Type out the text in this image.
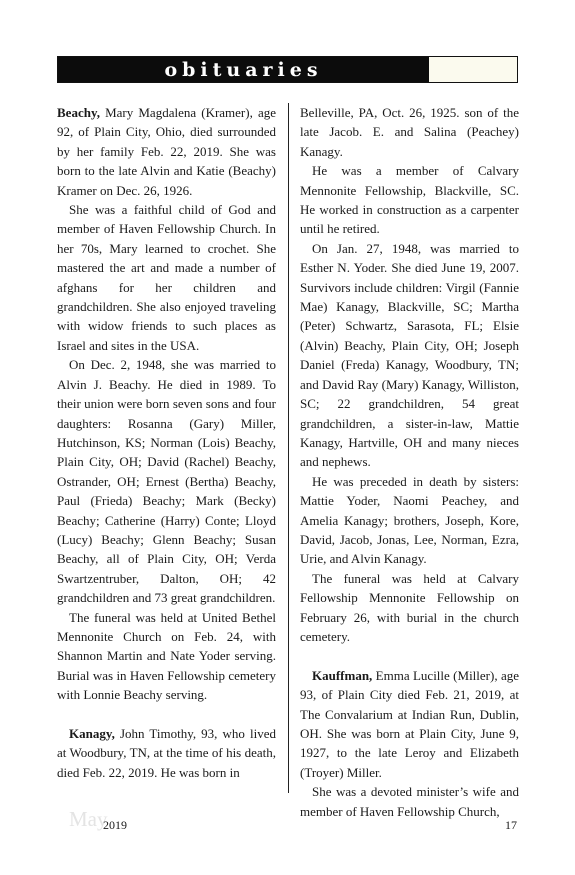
obituaries

Beachy, Mary Magdalena (Kramer), age 92, of Plain City, Ohio, died surrounded by her family Feb. 22, 2019. She was born to the late Alvin and Katie (Beachy) Kramer on Dec. 26, 1926.

She was a faithful child of God and member of Haven Fellowship Church. In her 70s, Mary learned to crochet. She mastered the art and made a number of afghans for her children and grandchildren. She also enjoyed traveling with widow friends to such places as Israel and sites in the USA.

On Dec. 2, 1948, she was married to Alvin J. Beachy. He died in 1989. To their union were born seven sons and four daughters: Rosanna (Gary) Miller, Hutchinson, KS; Norman (Lois) Beachy, Plain City, OH; David (Rachel) Beachy, Ostrander, OH; Ernest (Bertha) Beachy, Paul (Frieda) Beachy; Mark (Becky) Beachy; Catherine (Harry) Conte; Lloyd (Lucy) Beachy; Glenn Beachy; Susan Beachy, all of Plain City, OH; Verda Swartzentruber, Dalton, OH; 42 grandchildren and 73 great grandchildren.

The funeral was held at United Bethel Mennonite Church on Feb. 24, with Shannon Martin and Nate Yoder serving. Burial was in Haven Fellowship cemetery with Lonnie Beachy serving.

Kanagy, John Timothy, 93, who lived at Woodbury, TN, at the time of his death, died Feb. 22, 2019. He was born in

Belleville, PA, Oct. 26, 1925. son of the late Jacob. E. and Salina (Peachey) Kanagy.

He was a member of Calvary Mennonite Fellowship, Blackville, SC. He worked in construction as a carpenter until he retired.

On Jan. 27, 1948, was married to Esther N. Yoder. She died June 19, 2007. Survivors include children: Virgil (Fannie Mae) Kanagy, Blackville, SC; Martha (Peter) Schwartz, Sarasota, FL; Elsie (Alvin) Beachy, Plain City, OH; Joseph Daniel (Freda) Kanagy, Woodbury, TN; and David Ray (Mary) Kanagy, Williston, SC; 22 grandchildren, 54 great grandchildren, a sister-in-law, Mattie Kanagy, Hartville, OH and many nieces and nephews.

He was preceded in death by sisters: Mattie Yoder, Naomi Peachey, and Amelia Kanagy; brothers, Joseph, Kore, David, Jacob, Jonas, Lee, Norman, Ezra, Urie, and Alvin Kanagy.

The funeral was held at Calvary Fellowship Mennonite Fellowship on February 26, with burial in the church cemetery.

Kauffman, Emma Lucille (Miller), age 93, of Plain City died Feb. 21, 2019, at The Convalarium at Indian Run, Dublin, OH. She was born at Plain City, June 9, 1927, to the late Leroy and Elizabeth (Troyer) Miller.

She was a devoted minister’s wife and member of Haven Fellowship Church,

May
2019	17
